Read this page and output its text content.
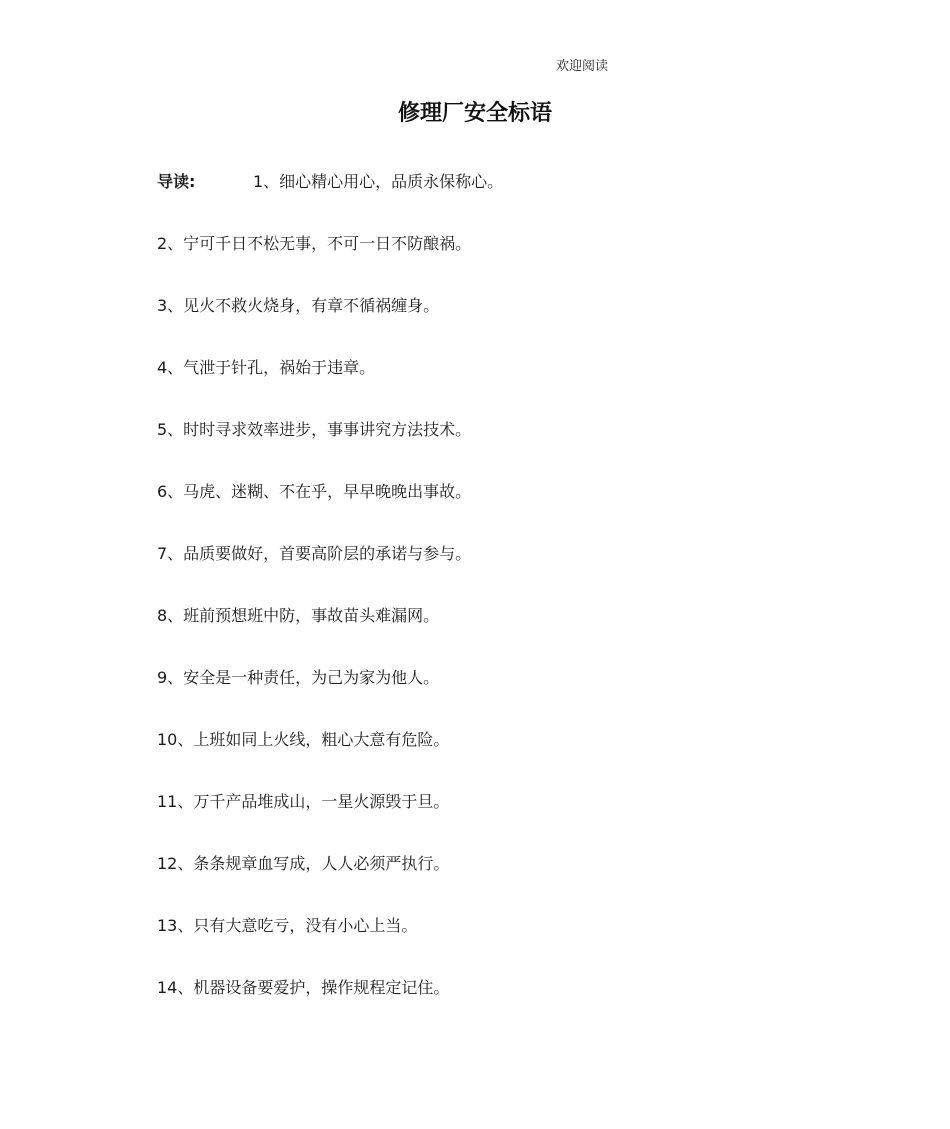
欢迎阅读
修理厂安全标语
导读:	1、细心精心用心，品质永保称心。
2、宁可千日不松无事，不可一日不防酿祸。
3、见火不救火烧身，有章不循祸缠身。
4、气泄于针孔，祸始于违章。
5、时时寻求效率进步，事事讲究方法技术。
6、马虎、迷糊、不在乎，早早晚晚出事故。
7、品质要做好，首要高阶层的承诺与参与。
8、班前预想班中防，事故苗头难漏网。
9、安全是一种责任，为己为家为他人。
10、上班如同上火线，粗心大意有危险。
11、万千产品堆成山，一星火源毁于旦。
12、条条规章血写成，人人必须严执行。
13、只有大意吃亏，没有小心上当。
14、机器设备要爱护，操作规程定记住。
